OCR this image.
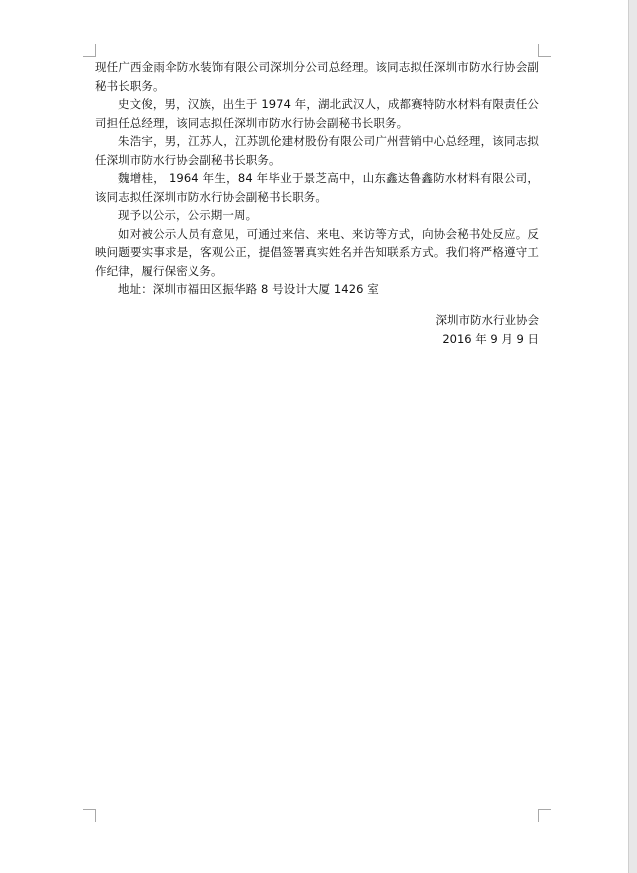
现任广西金雨伞防水装饰有限公司深圳分公司总经理。该同志拟任深圳市防水行协会副秘书长职务。

史文俊，男，汉族，出生于 1974 年，湖北武汉人，成都赛特防水材料有限责任公司担任总经理，该同志拟任深圳市防水行协会副秘书长职务。

朱浩宇，男，江苏人，江苏凯伦建材股份有限公司广州营销中心总经理，该同志拟任深圳市防水行协会副秘书长职务。

魏增桂， 1964 年生，84 年毕业于景芝高中，山东鑫达鲁鑫防水材料有限公司，该同志拟任深圳市防水行协会副秘书长职务。

现予以公示，公示期一周。

如对被公示人员有意见，可通过来信、来电、来访等方式，向协会秘书处反应。反映问题要实事求是，客观公正，提倡签署真实姓名并告知联系方式。我们将严格遵守工作纪律，履行保密义务。

地址：深圳市福田区振华路 8 号设计大厦 1426 室

深圳市防水行业协会
2016 年 9 月 9 日
